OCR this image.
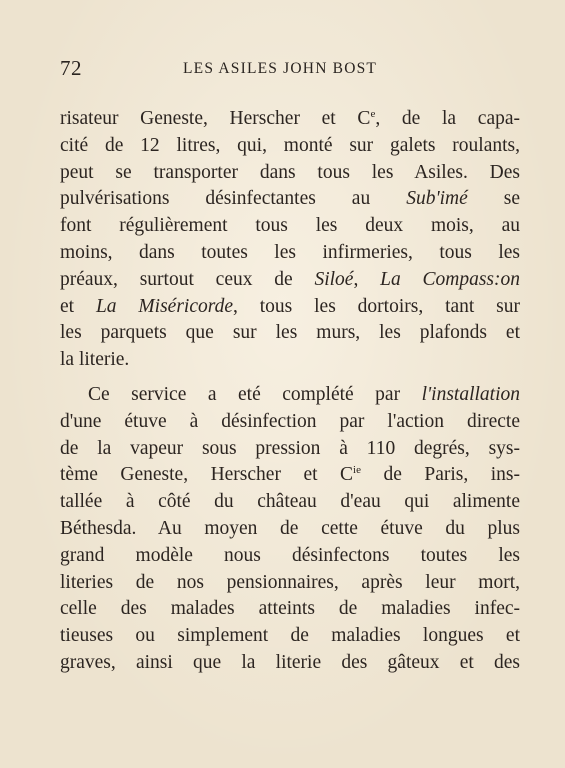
72	LES ASILES JOHN BOST
risateur Geneste, Herscher et Ce, de la capa-
cité de 12 litres, qui, monté sur galets roulants,
peut se transporter dans tous les Asiles. Des
pulvérisations désinfectantes au Sub'imé se
font régulièrement tous les deux mois, au
moins, dans toutes les infirmeries, tous les
préaux, surtout ceux de Siloé, La Compass:on
et La Miséricorde, tous les dortoirs, tant sur
les parquets que sur les murs, les plafonds et
la literie.
Ce service a eté complété par l'installation
d'une étuve à désinfection par l'action directe
de la vapeur sous pression à 110 degrés, sys-
tème Geneste, Herscher et $C^{ie}$ de Paris, ins-
tallée à côté du château d'eau qui alimente
Béthesda. Au moyen de cette étuve du plus
grand modèle nous désinfectons toutes les
literies de nos pensionnaires, après leur mort,
celle des malades atteints de maladies infec-
tieuses ou simplement de maladies longues et
graves, ainsi que la literie des gâteux et des
